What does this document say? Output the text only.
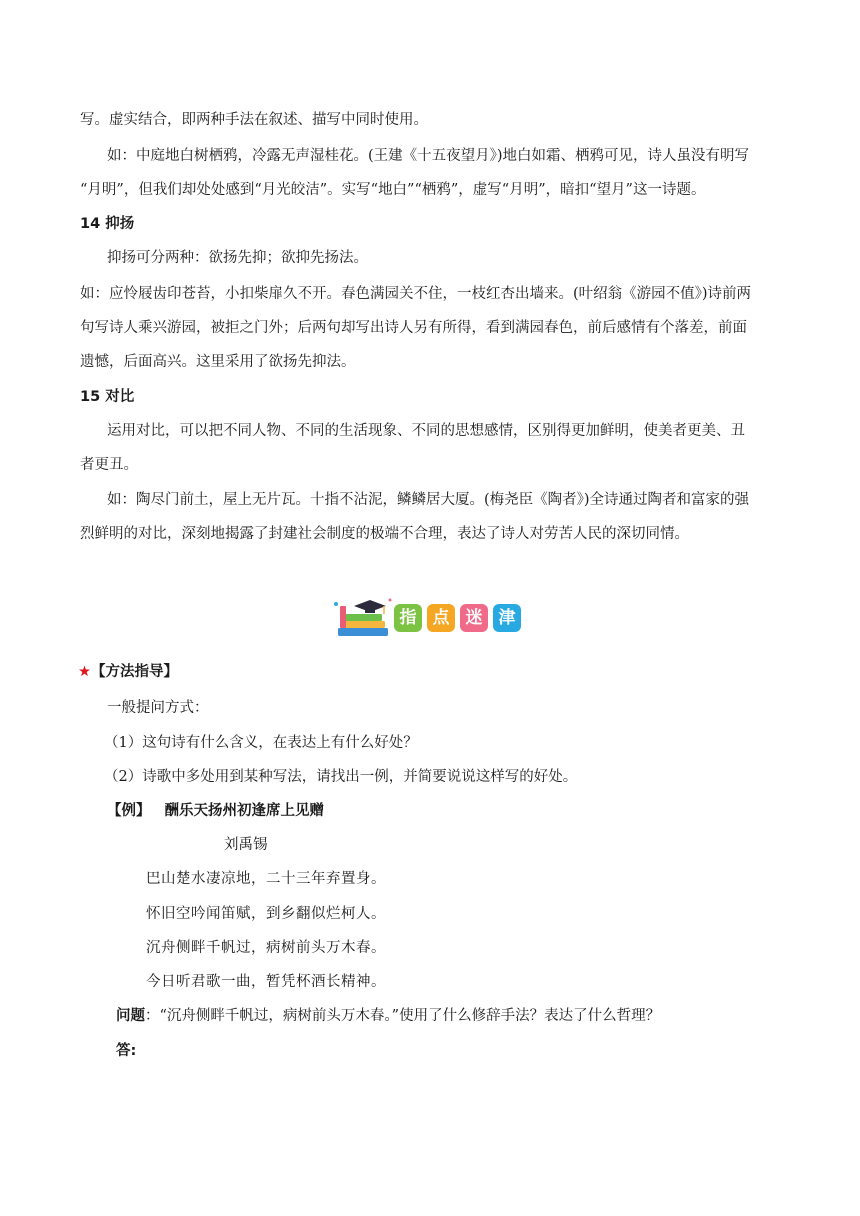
写。虚实结合，即两种手法在叙述、描写中同时使用。
如：中庭地白树栖鸦，冷露无声湿桂花。(王建《十五夜望月》)地白如霜、栖鸦可见，诗人虽没有明写
“月明”，但我们却处处感到“月光皎洁”。实写“地白”“栖鸦”，虚写“月明”，暗扣“望月”这一诗题。
14 抑扬
抑扬可分两种：欲扬先抑；欲抑先扬法。
如：应怜屐齿印苍苔，小扣柴扉久不开。春色满园关不住，一枝红杏出墙来。(叶绍翁《游园不值》)诗前两
句写诗人乘兴游园，被拒之门外；后两句却写出诗人另有所得，看到满园春色，前后感情有个落差，前面
遗憾，后面高兴。这里采用了欲扬先抑法。
15 对比
运用对比，可以把不同人物、不同的生活现象、不同的思想感情，区别得更加鲜明，使美者更美、丑
者更丑。
如：陶尽门前土，屋上无片瓦。十指不沾泥，鳞鳞居大厦。(梅尧臣《陶者》)全诗通过陶者和富家的强
烈鲜明的对比，深刻地揭露了封建社会制度的极端不合理，表达了诗人对劳苦人民的深切同情。
指 点 迷 津
★【方法指导】
一般提问方式：
（1）这句诗有什么含义，在表达上有什么好处？
（2）诗歌中多处用到某种写法，请找出一例，并简要说说这样写的好处。
【例】 酬乐天扬州初逢席上见赠
刘禹锡
巴山楚水凄凉地，二十三年弃置身。
怀旧空吟闻笛赋，到乡翻似烂柯人。
沉舟侧畔千帆过，病树前头万木春。
今日听君歌一曲，暂凭杯酒长精神。
问题：“沉舟侧畔千帆过，病树前头万木春。”使用了什么修辞手法？表达了什么哲理？
答:
